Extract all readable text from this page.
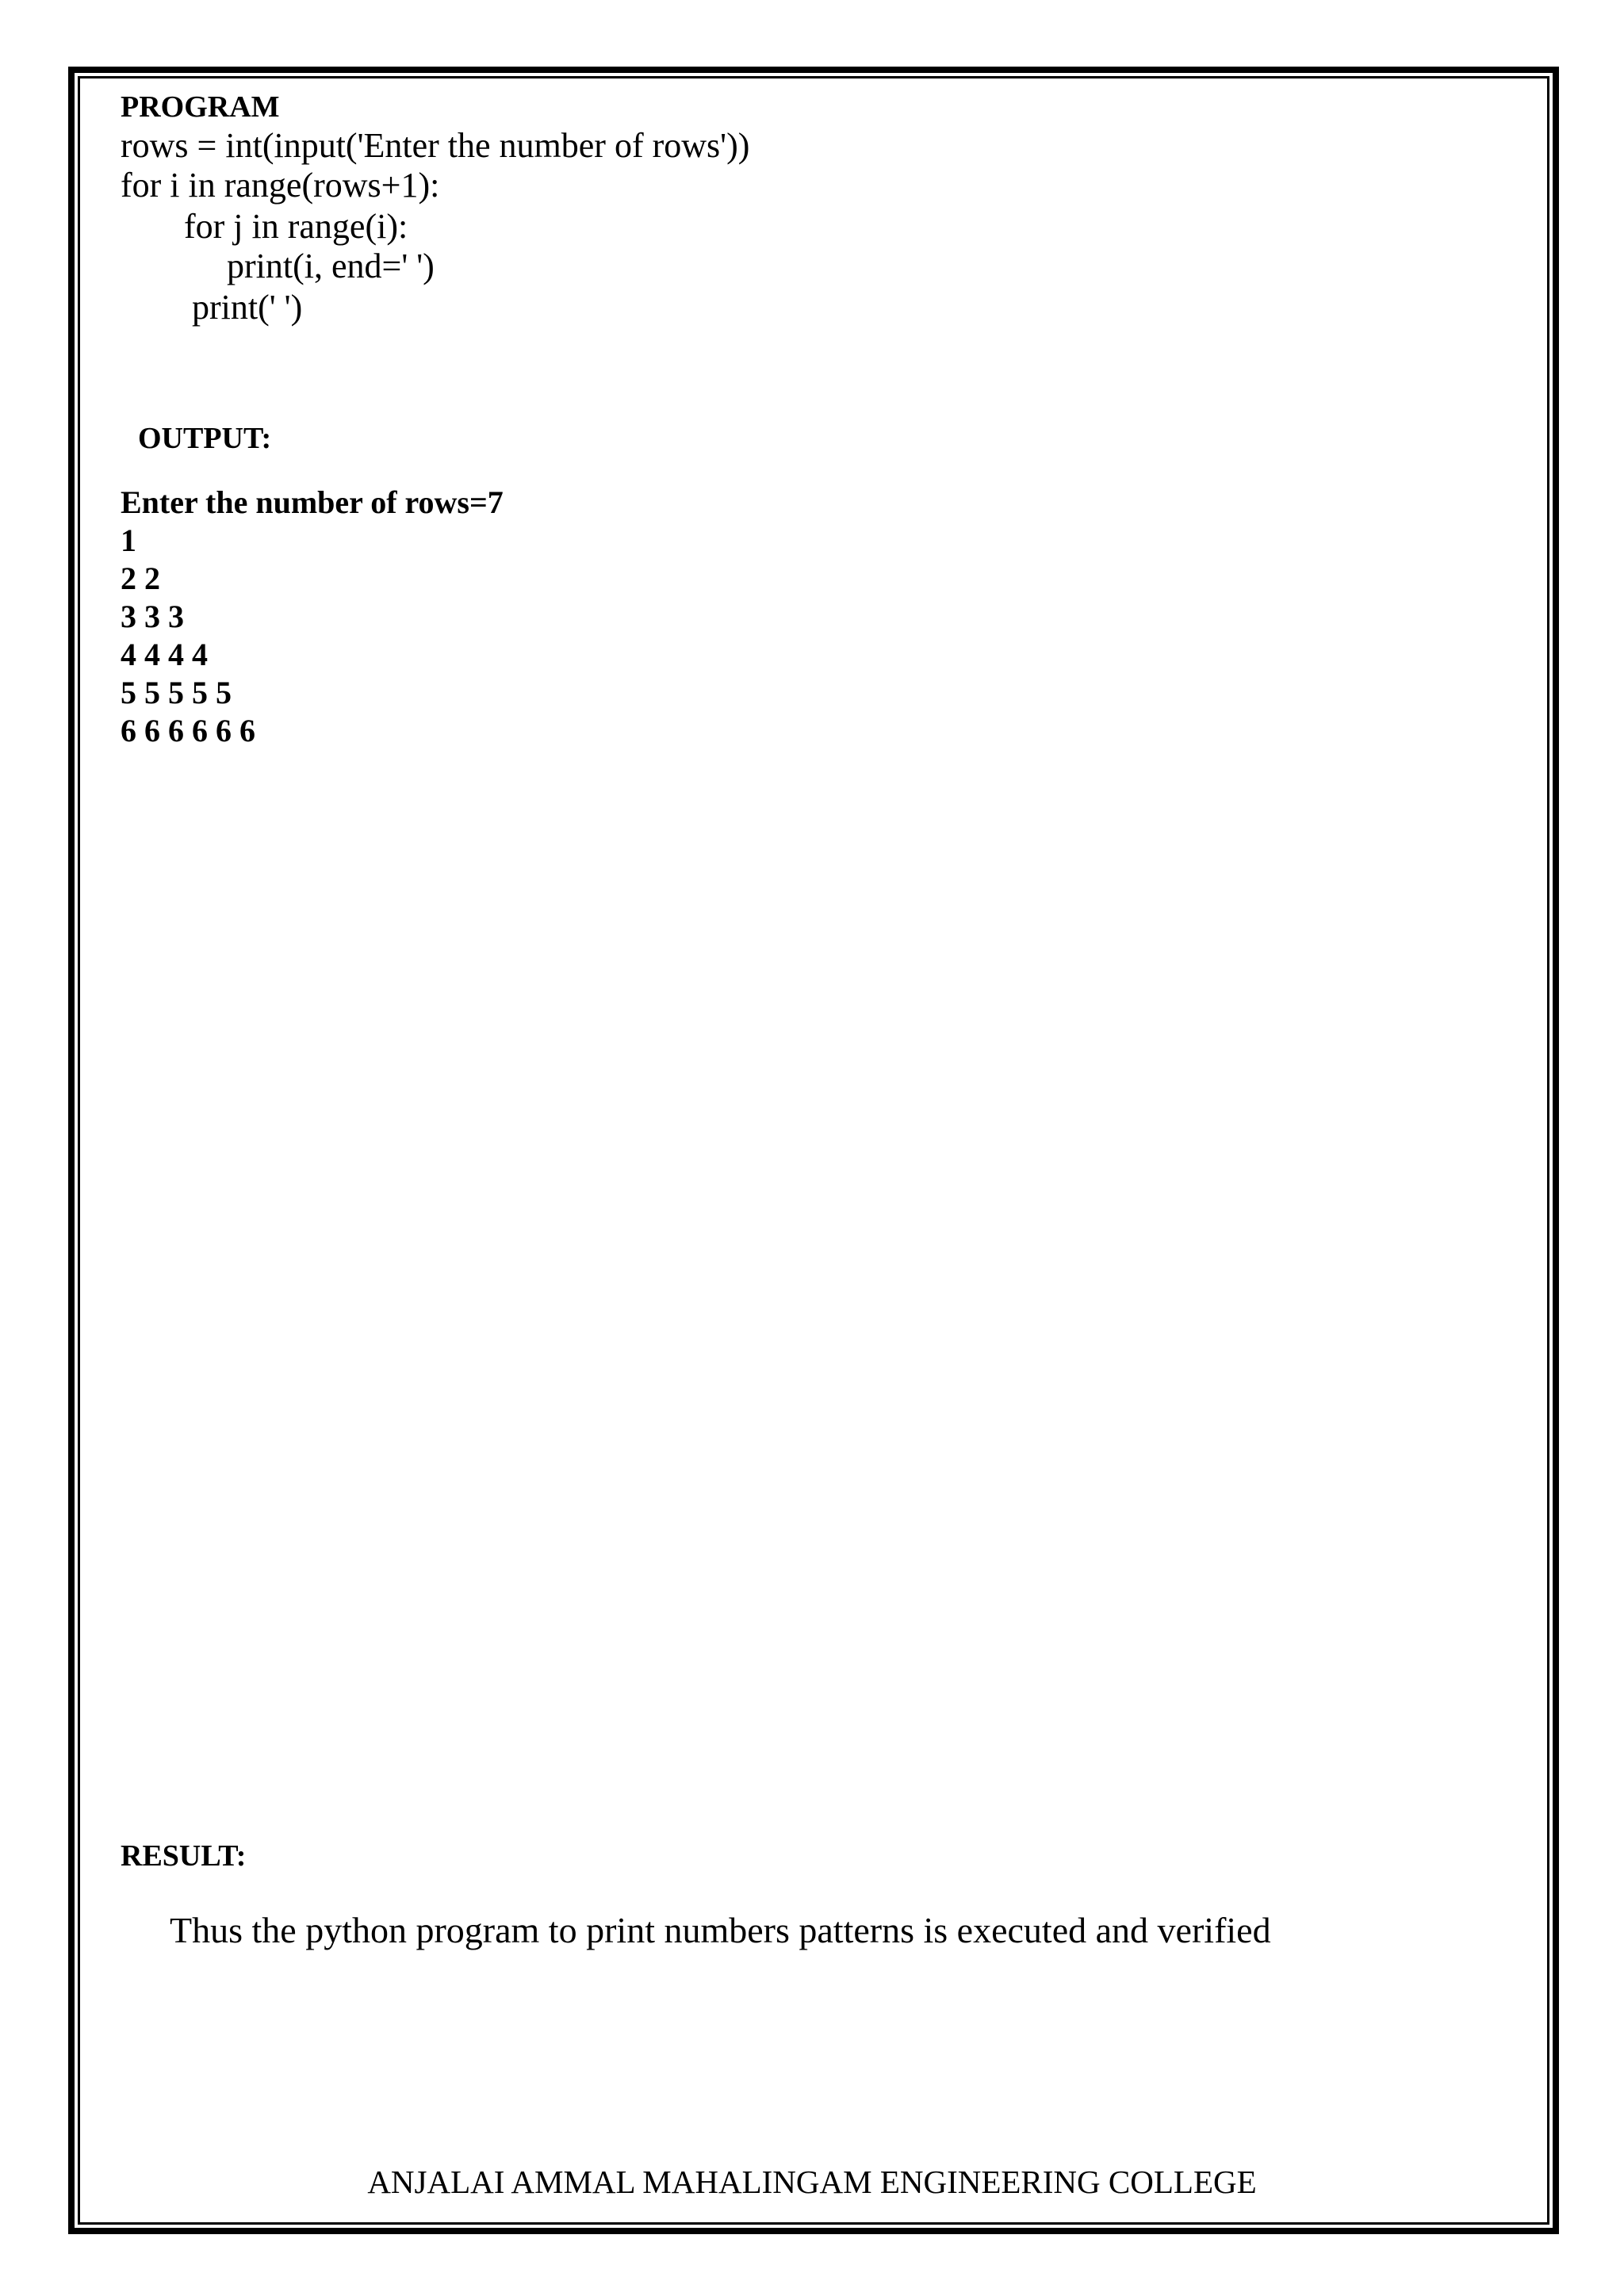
PROGRAM
rows = int(input('Enter the number of rows'))
for i in range(rows+1):
for j in range(i):
print(i, end=' ')
print(' ')
OUTPUT:
Enter the number of rows=7
1
2 2
3 3 3
4 4 4 4
5 5 5 5 5
6 6 6 6 6 6
RESULT:
Thus the python program to print numbers patterns is executed and verified
ANJALAI AMMAL MAHALINGAM ENGINEERING COLLEGE
